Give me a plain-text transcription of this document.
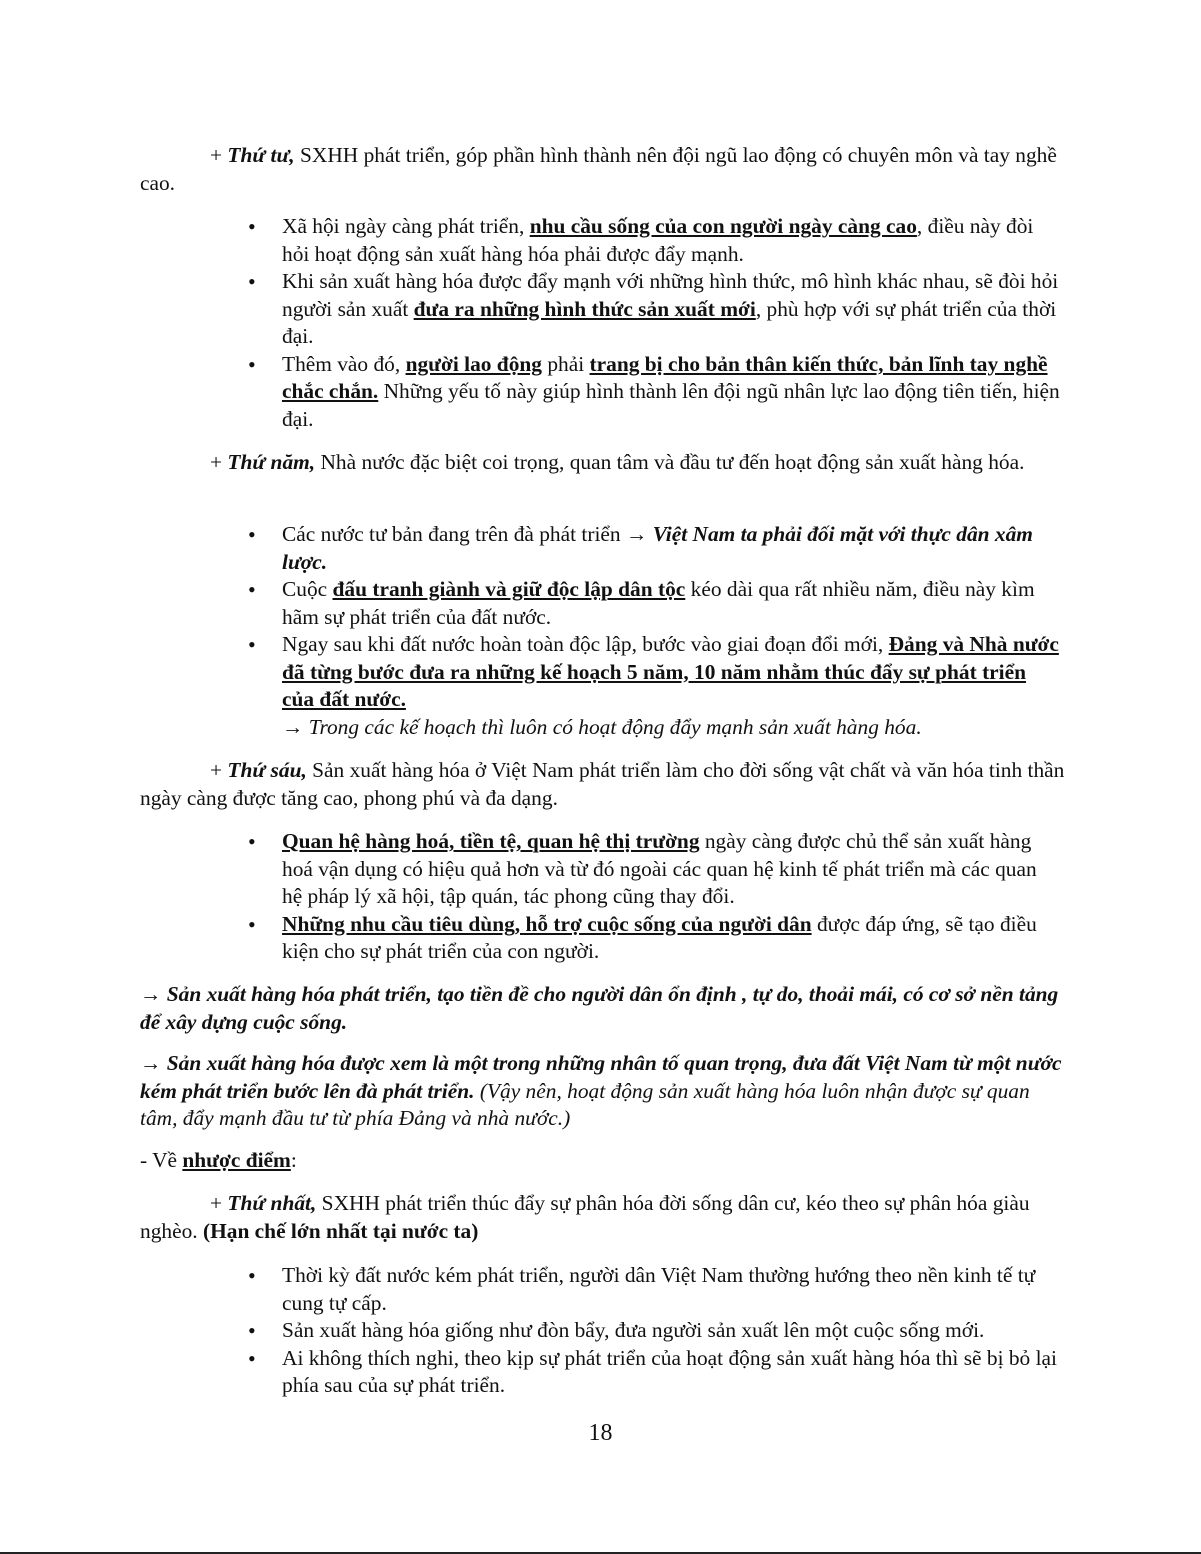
+ Thứ tư, SXHH phát triển, góp phần hình thành nên đội ngũ lao động có chuyên môn và tay nghề cao.

• Xã hội ngày càng phát triển, nhu cầu sống của con người ngày càng cao, điều này đòi hỏi hoạt động sản xuất hàng hóa phải được đẩy mạnh.
• Khi sản xuất hàng hóa được đẩy mạnh với những hình thức, mô hình khác nhau, sẽ đòi hỏi người sản xuất đưa ra những hình thức sản xuất mới, phù hợp với sự phát triển của thời đại.
• Thêm vào đó, người lao động phải trang bị cho bản thân kiến thức, bản lĩnh tay nghề chắc chắn. Những yếu tố này giúp hình thành lên đội ngũ nhân lực lao động tiên tiến, hiện đại.

+ Thứ năm, Nhà nước đặc biệt coi trọng, quan tâm và đầu tư đến hoạt động sản xuất hàng hóa.

• Các nước tư bản đang trên đà phát triển → Việt Nam ta phải đối mặt với thực dân xâm lược.
• Cuộc đấu tranh giành và giữ độc lập dân tộc kéo dài qua rất nhiều năm, điều này kìm hãm sự phát triển của đất nước.
• Ngay sau khi đất nước hoàn toàn độc lập, bước vào giai đoạn đổi mới, Đảng và Nhà nước đã từng bước đưa ra những kế hoạch 5 năm, 10 năm nhằm thúc đẩy sự phát triển của đất nước.
→ Trong các kế hoạch thì luôn có hoạt động đẩy mạnh sản xuất hàng hóa.

+ Thứ sáu, Sản xuất hàng hóa ở Việt Nam phát triển làm cho đời sống vật chất và văn hóa tinh thần ngày càng được tăng cao, phong phú và đa dạng.

• Quan hệ hàng hoá, tiền tệ, quan hệ thị trường ngày càng được chủ thể sản xuất hàng hoá vận dụng có hiệu quả hơn và từ đó ngoài các quan hệ kinh tế phát triển mà các quan hệ pháp lý xã hội, tập quán, tác phong cũng thay đổi.
• Những nhu cầu tiêu dùng, hỗ trợ cuộc sống của người dân được đáp ứng, sẽ tạo điều kiện cho sự phát triển của con người.

→ Sản xuất hàng hóa phát triển, tạo tiền đề cho người dân ổn định , tự do, thoải mái, có cơ sở nền tảng để xây dựng cuộc sống.

→ Sản xuất hàng hóa được xem là một trong những nhân tố quan trọng, đưa đất Việt Nam từ một nước kém phát triển bước lên đà phát triển. (Vậy nên, hoạt động sản xuất hàng hóa luôn nhận được sự quan tâm, đẩy mạnh đầu tư từ phía Đảng và nhà nước.)

- Về nhược điểm:

+ Thứ nhất, SXHH phát triển thúc đẩy sự phân hóa đời sống dân cư, kéo theo sự phân hóa giàu nghèo. (Hạn chế lớn nhất tại nước ta)

• Thời kỳ đất nước kém phát triển, người dân Việt Nam thường hướng theo nền kinh tế tự cung tự cấp.
• Sản xuất hàng hóa giống như đòn bẩy, đưa người sản xuất lên một cuộc sống mới.
• Ai không thích nghi, theo kịp sự phát triển của hoạt động sản xuất hàng hóa thì sẽ bị bỏ lại phía sau của sự phát triển.
18
